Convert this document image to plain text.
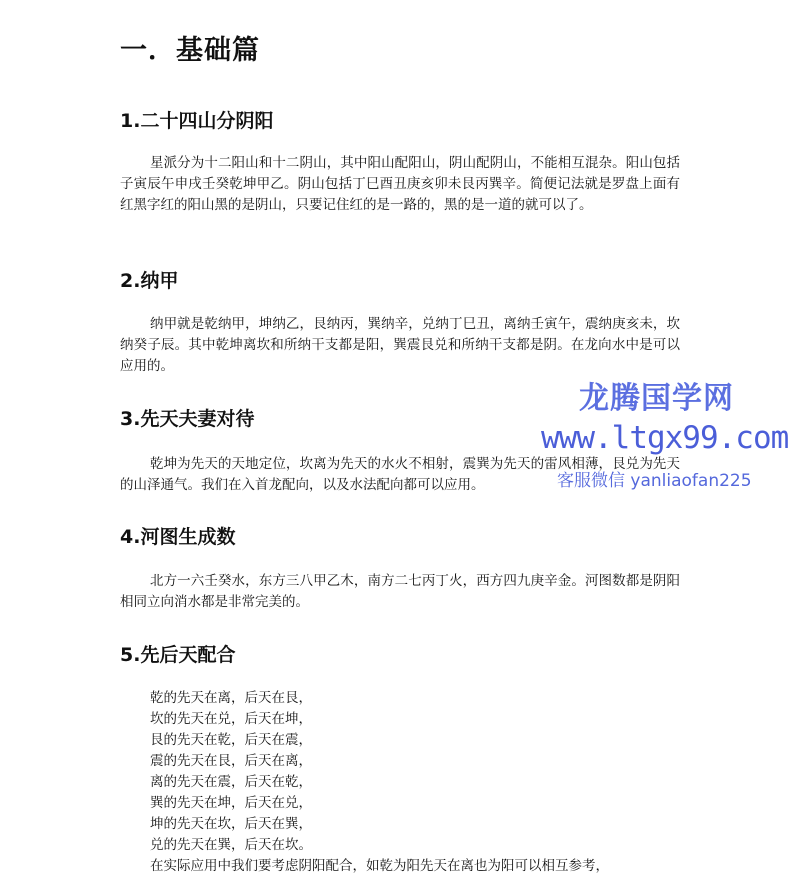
一．基础篇
1.二十四山分阴阳

星派分为十二阳山和十二阴山，其中阳山配阳山，阴山配阴山，不能相互混杂。阳山包括子寅辰午申戌壬癸乾坤甲乙。阴山包括丁巳酉丑庚亥卯未艮丙巽辛。简便记法就是罗盘上面有红黑字红的阳山黑的是阴山，只要记住红的是一路的，黑的是一道的就可以了。

2.纳甲

纳甲就是乾纳甲，坤纳乙，艮纳丙，巽纳辛，兑纳丁巳丑，离纳壬寅午，震纳庚亥未，坎纳癸子辰。其中乾坤离坎和所纳干支都是阳，巽震艮兑和所纳干支都是阴。在龙向水中是可以应用的。

3.先天夫妻对待

乾坤为先天的天地定位，坎离为先天的水火不相射，震巽为先天的雷风相薄，艮兑为先天的山泽通气。我们在入首龙配向，以及水法配向都可以应用。

4.河图生成数

北方一六壬癸水，东方三八甲乙木，南方二七丙丁火，西方四九庚辛金。河图数都是阴阳相同立向消水都是非常完美的。

5.先后天配合
乾的先天在离，后天在艮，
坎的先天在兑，后天在坤，
艮的先天在乾，后天在震，
震的先天在艮，后天在离，
离的先天在震，后天在乾，
巽的先天在坤，后天在兑，
坤的先天在坎，后天在巽，
兑的先天在巽，后天在坎。
在实际应用中我们要考虑阴阳配合，如乾为阳先天在离也为阳可以相互参考，
龙腾国学网
www.ltgx99.com
客服微信 yanliaofan225
